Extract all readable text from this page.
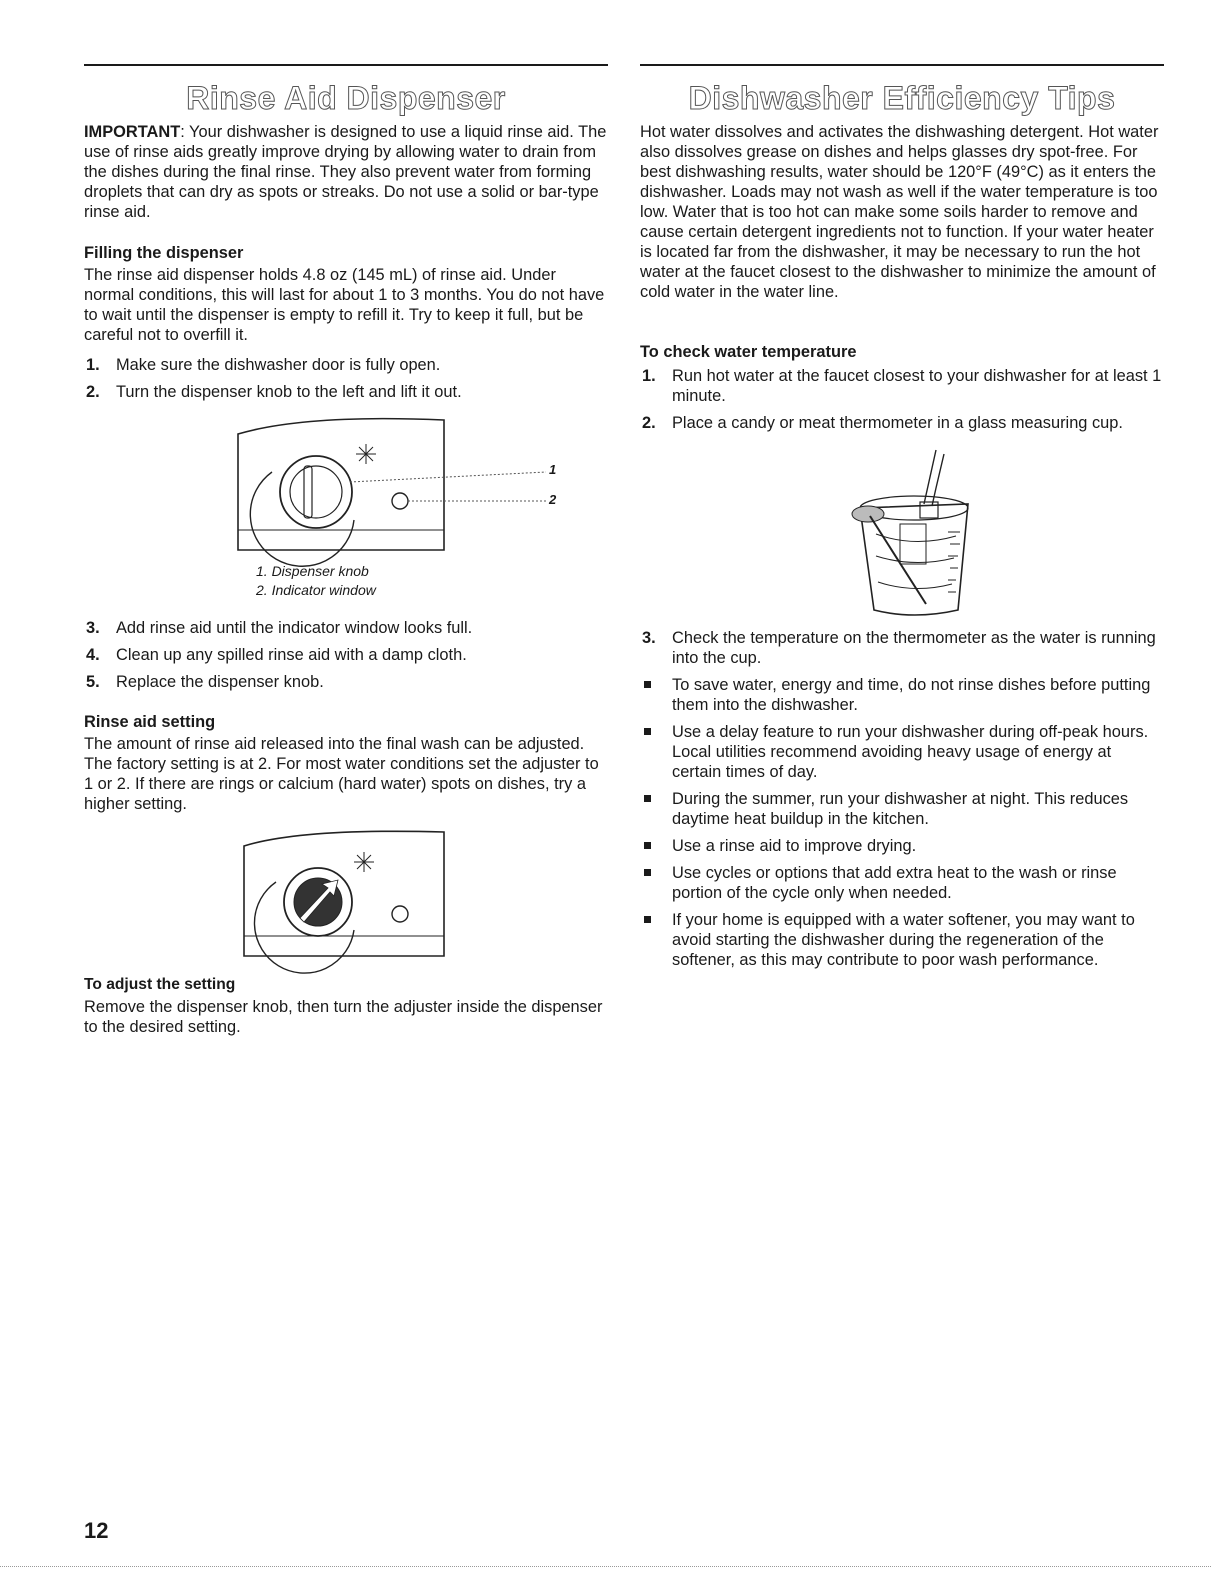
Rinse Aid Dispenser

IMPORTANT: Your dishwasher is designed to use a liquid rinse aid. The use of rinse aids greatly improve drying by allowing water to drain from the dishes during the final rinse. They also prevent water from forming droplets that can dry as spots or streaks. Do not use a solid or bar-type rinse aid.

Filling the dispenser

The rinse aid dispenser holds 4.8 oz (145 mL) of rinse aid. Under normal conditions, this will last for about 1 to 3 months. You do not have to wait until the dispenser is empty to refill it. Try to keep it full, but be careful not to overfill it.

1. Make sure the dishwasher door is fully open.
2. Turn the dispenser knob to the left and lift it out.
1
2
1. Dispenser knob
2. Indicator window
3. Add rinse aid until the indicator window looks full.
4. Clean up any spilled rinse aid with a damp cloth.
5. Replace the dispenser knob.
Rinse aid setting

The amount of rinse aid released into the final wash can be adjusted. The factory setting is at 2. For most water conditions set the adjuster to 1 or 2. If there are rings or calcium (hard water) spots on dishes, try a higher setting.

To adjust the setting

Remove the dispenser knob, then turn the adjuster inside the dispenser to the desired setting.

Dishwasher Efficiency Tips

Hot water dissolves and activates the dishwashing detergent. Hot water also dissolves grease on dishes and helps glasses dry spot-free. For best dishwashing results, water should be 120°F (49°C) as it enters the dishwasher. Loads may not wash as well if the water temperature is too low. Water that is too hot can make some soils harder to remove and cause certain detergent ingredients not to function. If your water heater is located far from the dishwasher, it may be necessary to run the hot water at the faucet closest to the dishwasher to minimize the amount of cold water in the water line.

To check water temperature
1. Run hot water at the faucet closest to your dishwasher for at least 1 minute.
2. Place a candy or meat thermometer in a glass measuring cup.
3. Check the temperature on the thermometer as the water is running into the cup.
To save water, energy and time, do not rinse dishes before putting them into the dishwasher.
Use a delay feature to run your dishwasher during off-peak hours. Local utilities recommend avoiding heavy usage of energy at certain times of day.
During the summer, run your dishwasher at night. This reduces daytime heat buildup in the kitchen.
Use a rinse aid to improve drying.
Use cycles or options that add extra heat to the wash or rinse portion of the cycle only when needed.
If your home is equipped with a water softener, you may want to avoid starting the dishwasher during the regeneration of the softener, as this may contribute to poor wash performance.
12
